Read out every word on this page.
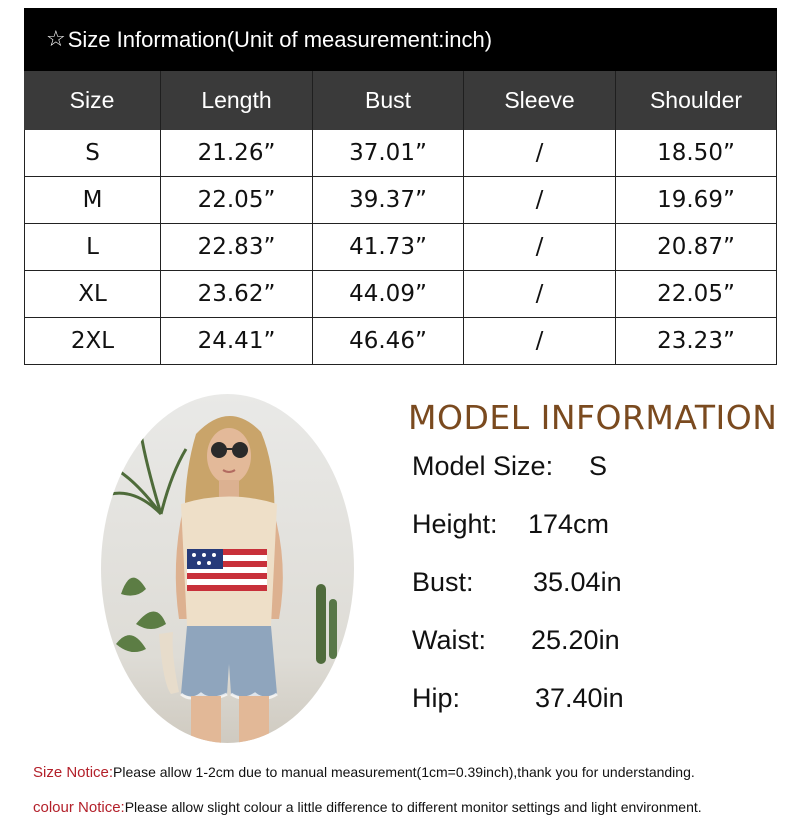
☆ Size Information(Unit of measurement:inch)
Size	Length	Bust	Sleeve	Shoulder
S	21.26”	37.01”	/	18.50”
M	22.05”	39.37”	/	19.69”
L	22.83”	41.73”	/	20.87”
XL	23.62”	44.09”	/	22.05”
2XL	24.41”	46.46”	/	23.23”
MODEL INFORMATION
Model Size: S
Height: 174cm
Bust: 35.04in
Waist: 25.20in
Hip:	37.40in
Size Notice:Please allow 1-2cm due to manual measurement(1cm=0.39inch),thank you for understanding.
colour Notice:Please allow slight colour a little difference to different monitor settings and light environment.
